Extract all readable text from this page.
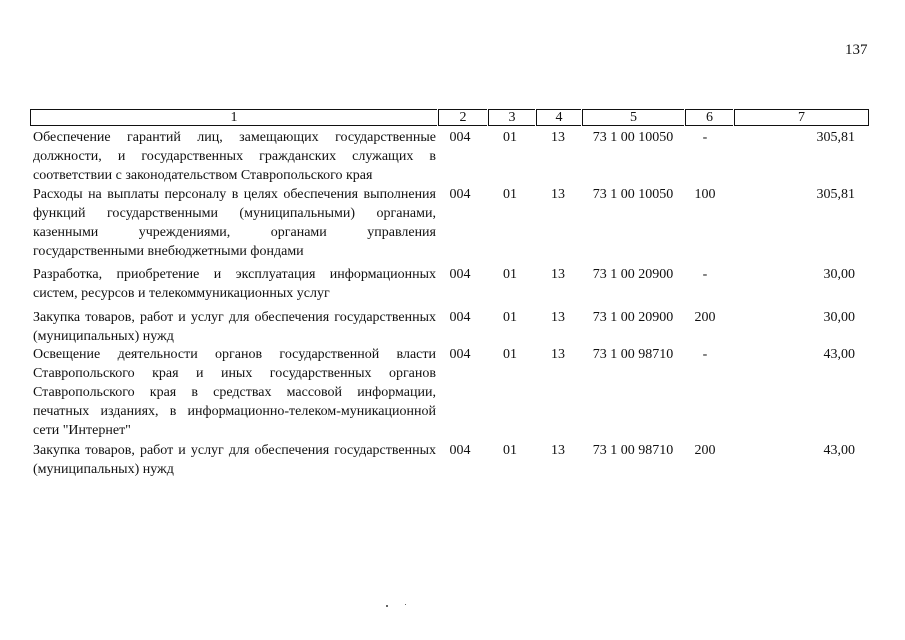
137
1	2	3	4	5	6	7
Обеспечение гарантий лиц, замещающих государственные должности, и государственных гражданских служащих в соответствии с законодательством Ставропольского края
004	01	13	73 1 00 10050	-	305,81
Расходы на выплаты персоналу в целях обеспечения выполнения функций государственными (муниципальными) органами, казенными учреждениями, органами управления государственными внебюджетными фондами
004	01	13	73 1 00 10050	100	305,81
Разработка, приобретение и эксплуатация информационных систем, ресурсов и телекоммуникационных услуг
004	01	13	73 1 00 20900	-	30,00
Закупка товаров, работ и услуг для обеспечения государственных (муниципальных) нужд
004	01	13	73 1 00 20900	200	30,00
Освещение деятельности органов государственной власти Ставропольского края и иных государственных органов Ставропольского края в средствах массовой информации, печатных изданиях, в информационно-телеком-муникационной сети "Интернет"
004	01	13	73 1 00 98710	-	43,00
Закупка товаров, работ и услуг для обеспечения государственных (муниципальных) нужд
004	01	13	73 1 00 98710	200	43,00
